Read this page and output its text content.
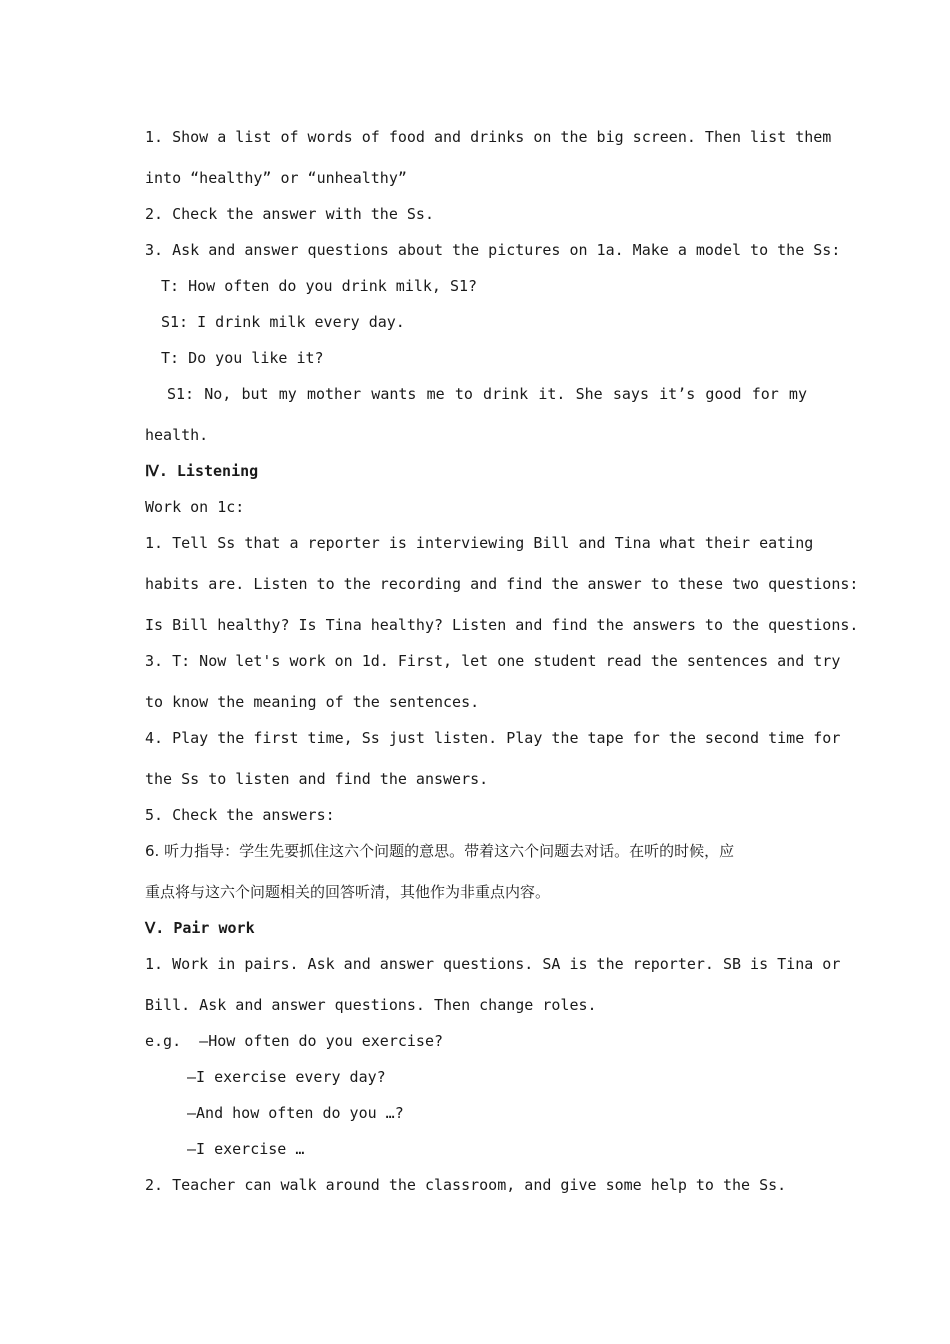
1. Show a list of words of food and drinks on the big screen. Then list them
into “healthy” or “unhealthy”
2. Check the answer with the Ss.
3. Ask and answer questions about the pictures on 1a. Make a model to the Ss:
T: How often do you drink milk, S1?
S1: I drink milk every day.
T: Do you like it?
S1: No, but my mother wants me to drink it. She says it’s good for my
health.
Ⅳ. Listening
Work on 1c:
1. Tell Ss that a reporter is interviewing Bill and Tina what their eating
habits are. Listen to the recording and find the answer to these two questions:
Is Bill healthy? Is Tina healthy? Listen and find the answers to the questions.
3. T: Now let's work on 1d. First, let one student read the sentences and try
to know the meaning of the sentences.
4. Play the first time, Ss just listen. Play the tape for the second time for
the Ss to listen and find the answers.
5. Check the answers:
6. 听力指导：学生先要抓住这六个问题的意思。带着这六个问题去对话。在听的时候，应
重点将与这六个问题相关的回答听清，其他作为非重点内容。
Ⅴ. Pair work
1. Work in pairs. Ask and answer questions. SA is the reporter. SB is Tina or
Bill. Ask and answer questions. Then change roles.
e.g.  —How often do you exercise?
—I exercise every day?
—And how often do you …?
—I exercise …
2. Teacher can walk around the classroom, and give some help to the Ss.
